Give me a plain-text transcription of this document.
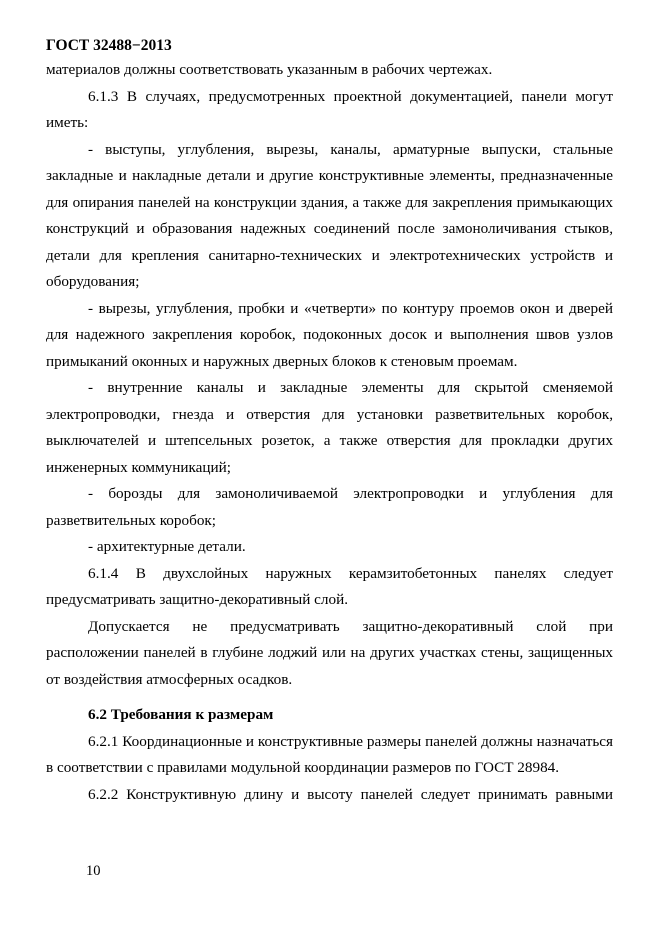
ГОСТ 32488−2013

материалов должны соответствовать указанным в рабочих чертежах.

6.1.3 В случаях, предусмотренных проектной документацией, панели могут иметь:

- выступы, углубления, вырезы, каналы, арматурные выпуски, стальные закладные и накладные детали и другие конструктивные элементы, предназначенные для опирания панелей на конструкции здания, а также для закрепления примыкающих конструкций и образования надежных соединений после замоноличивания стыков, детали для крепления санитарно-технических и электротехнических устройств и оборудования;

- вырезы, углубления, пробки и «четверти» по контуру проемов окон и дверей для надежного закрепления коробок, подоконных досок и выполнения швов узлов примыканий оконных и наружных дверных блоков к стеновым проемам.

- внутренние каналы и закладные элементы для скрытой сменяемой электропроводки, гнезда и отверстия для установки разветвительных коробок, выключателей и штепсельных розеток, а также отверстия для прокладки других инженерных коммуникаций;

- борозды для замоноличиваемой электропроводки и углубления для разветвительных коробок;

- архитектурные детали.

6.1.4 В двухслойных наружных керамзитобетонных панелях следует предусматривать защитно-декоративный слой.

Допускается не предусматривать защитно-декоративный слой при расположении панелей в глубине лоджий или на других участках стены, защищенных от воздействия атмосферных осадков.

6.2 Требования к размерам

6.2.1 Координационные и конструктивные размеры панелей должны назначаться в соответствии с правилами модульной координации размеров по ГОСТ 28984.

6.2.2 Конструктивную длину и высоту панелей следует принимать равными

10
